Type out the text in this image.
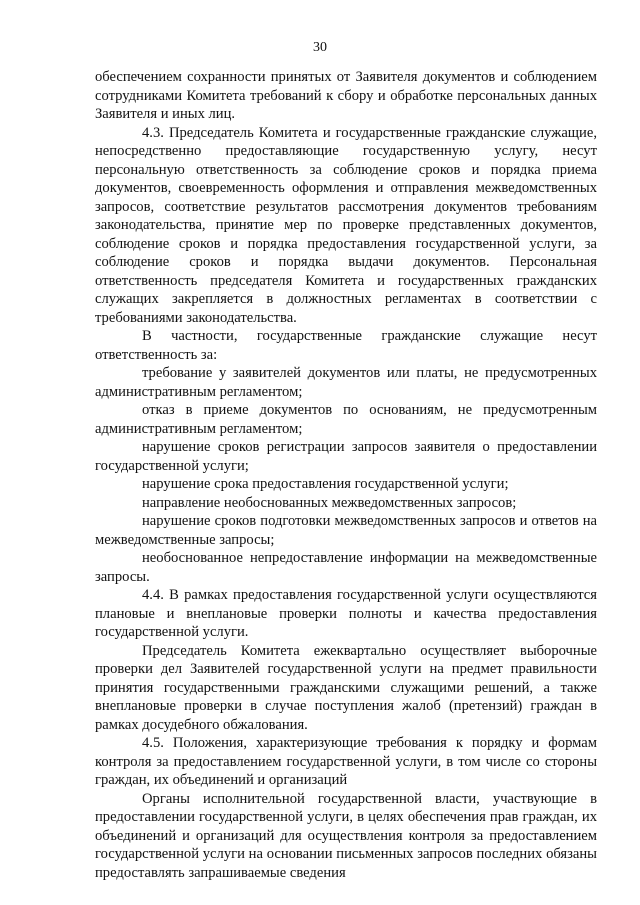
30

обеспечением сохранности принятых от Заявителя документов и соблюдением сотрудниками Комитета требований к сбору и обработке персональных данных Заявителя и иных лиц.

4.3. Председатель Комитета и государственные гражданские служащие, непосредственно предоставляющие государственную услугу, несут персональную ответственность за соблюдение сроков и порядка приема документов, своевременность оформления и отправления межведомственных запросов, соответствие результатов рассмотрения документов требованиям законодательства, принятие мер по проверке представленных документов, соблюдение сроков и порядка предоставления государственной услуги, за соблюдение сроков и порядка выдачи документов. Персональная ответственность председателя Комитета и государственных гражданских служащих закрепляется в должностных регламентах в соответствии с требованиями законодательства.

В частности, государственные гражданские служащие несут ответственность за:

требование у заявителей документов или платы, не предусмотренных административным регламентом;

отказ в приеме документов по основаниям, не предусмотренным административным регламентом;

нарушение сроков регистрации запросов заявителя о предоставлении государственной услуги;

нарушение срока предоставления государственной услуги;

направление необоснованных межведомственных запросов;

нарушение сроков подготовки межведомственных запросов и ответов на межведомственные запросы;

необоснованное непредоставление информации на межведомственные запросы.

4.4. В рамках предоставления государственной услуги осуществляются плановые и внеплановые проверки полноты и качества предоставления государственной услуги.

Председатель Комитета ежеквартально осуществляет выборочные проверки дел Заявителей государственной услуги на предмет правильности принятия государственными гражданскими служащими решений, а также внеплановые проверки в случае поступления жалоб (претензий) граждан в рамках досудебного обжалования.

4.5. Положения, характеризующие требования к порядку и формам контроля за предоставлением государственной услуги, в том числе со стороны граждан, их объединений и организаций

Органы исполнительной государственной власти, участвующие в предоставлении государственной услуги, в целях обеспечения прав граждан, их объединений и организаций для осуществления контроля за предоставлением государственной услуги на основании письменных запросов последних обязаны предоставлять запрашиваемые сведения
